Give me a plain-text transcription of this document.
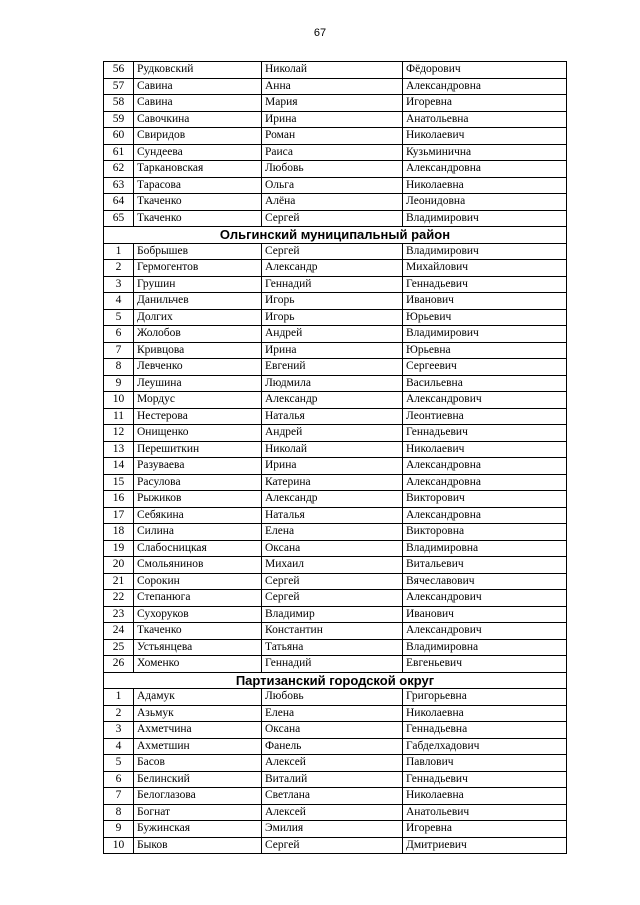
67
56	Рудковский	Николай	Фёдорович
57	Савина	Анна	Александровна
58	Савина	Мария	Игоревна
59	Савочкина	Ирина	Анатольевна
60	Свиридов	Роман	Николаевич
61	Сундеева	Раиса	Кузьминична
62	Таркановская	Любовь	Александровна
63	Тарасова	Ольга	Николаевна
64	Ткаченко	Алёна	Леонидовна
65	Ткаченко	Сергей	Владимирович
Ольгинский муниципальный район			
1	Бобрышев	Сергей	Владимирович
2	Гермогентов	Александр	Михайлович
3	Грушин	Геннадий	Геннадьевич
4	Данильчев	Игорь	Иванович
5	Долгих	Игорь	Юрьевич
6	Жолобов	Андрей	Владимирович
7	Кривцова	Ирина	Юрьевна
8	Левченко	Евгений	Сергеевич
9	Леушина	Людмила	Васильевна
10	Мордус	Александр	Александрович
11	Нестерова	Наталья	Леонтиевна
12	Онищенко	Андрей	Геннадьевич
13	Перешиткин	Николай	Николаевич
14	Разуваева	Ирина	Александровна
15	Расулова	Катерина	Александровна
16	Рыжиков	Александр	Викторович
17	Себякина	Наталья	Александровна
18	Силина	Елена	Викторовна
19	Слабосницкая	Оксана	Владимировна
20	Смольянинов	Михаил	Витальевич
21	Сорокин	Сергей	Вячеславович
22	Степанюга	Сергей	Александрович
23	Сухоруков	Владимир	Иванович
24	Ткаченко	Константин	Александрович
25	Устьянцева	Татьяна	Владимировна
26	Хоменко	Геннадий	Евгеньевич
Партизанский городской округ			
1	Адамук	Любовь	Григорьевна
2	Азьмук	Елена	Николаевна
3	Ахметчина	Оксана	Геннадьевна
4	Ахметшин	Фанель	Габделхадович
5	Басов	Алексей	Павлович
6	Белинский	Виталий	Геннадьевич
7	Белоглазова	Светлана	Николаевна
8	Богнат	Алексей	Анатольевич
9	Бужинская	Эмилия	Игоревна
10	Быков	Сергей	Дмитриевич
